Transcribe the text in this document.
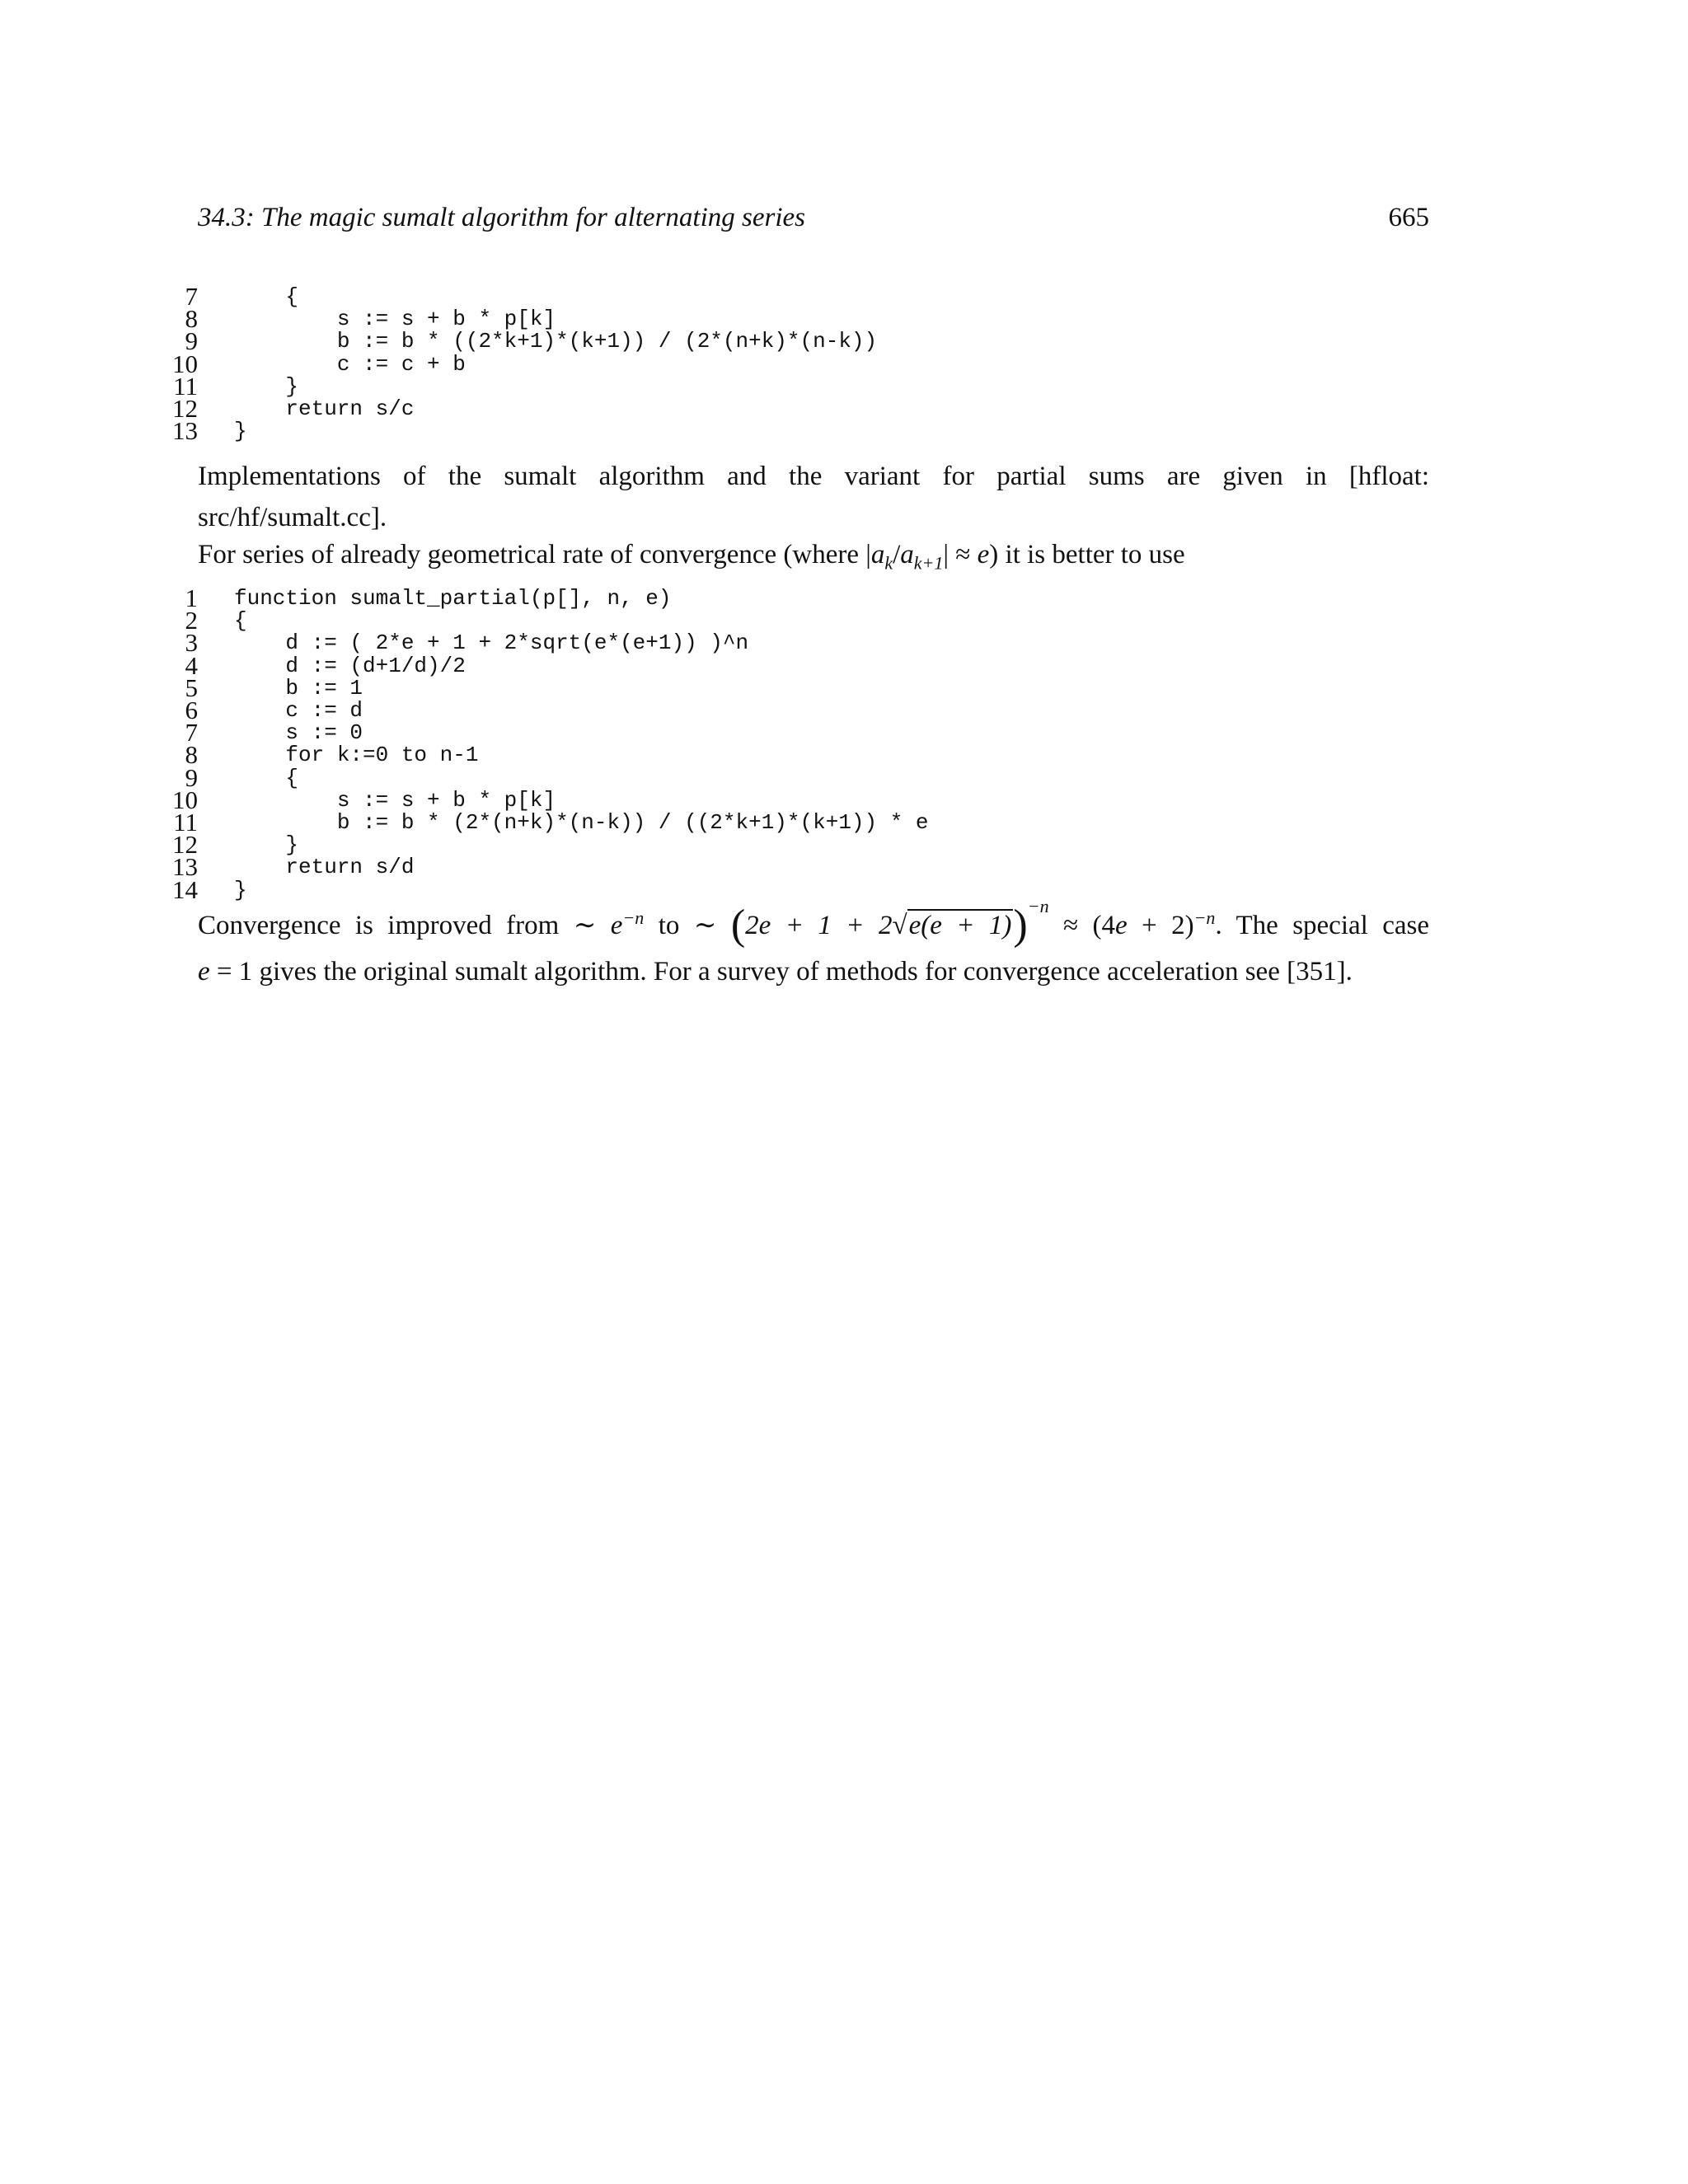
34.3: The magic sumalt algorithm for alternating series	665
7 {
8 s := s + b * p[k]
9 b := b * ((2*k+1)*(k+1)) / (2*(n+k)*(n-k))
10 c := c + b
11 }
12 return s/c
13 }
Implementations of the sumalt algorithm and the variant for partial sums are given in [hfloat:
src/hf/sumalt.cc].
For series of already geometrical rate of convergence (where $|a_k/a_{k+1}| \approx e$) it is better to use
1 function sumalt_partial(p[], n, e)
2 {
3 d := ( 2*e + 1 + 2*sqrt(e*(e+1)) )^n
4 d := (d+1/d)/2
5 b := 1
6 c := d
7 s := 0
8 for k:=0 to n-1
9 {
10 s := s + b * p[k]
11 b := b * (2*(n+k)*(n-k)) / ((2*k+1)*(k+1)) * e
12 }
13 return s/d
14 }
Convergence is improved from ∼ $e^{-n}$ to ∼ $(2e + 1 + 2√e(e + 1))^{-n} \approx (4e + 2)^{-n}$. The special case
e = 1 gives the original sumalt algorithm. For a survey of methods for convergence acceleration see [351].
